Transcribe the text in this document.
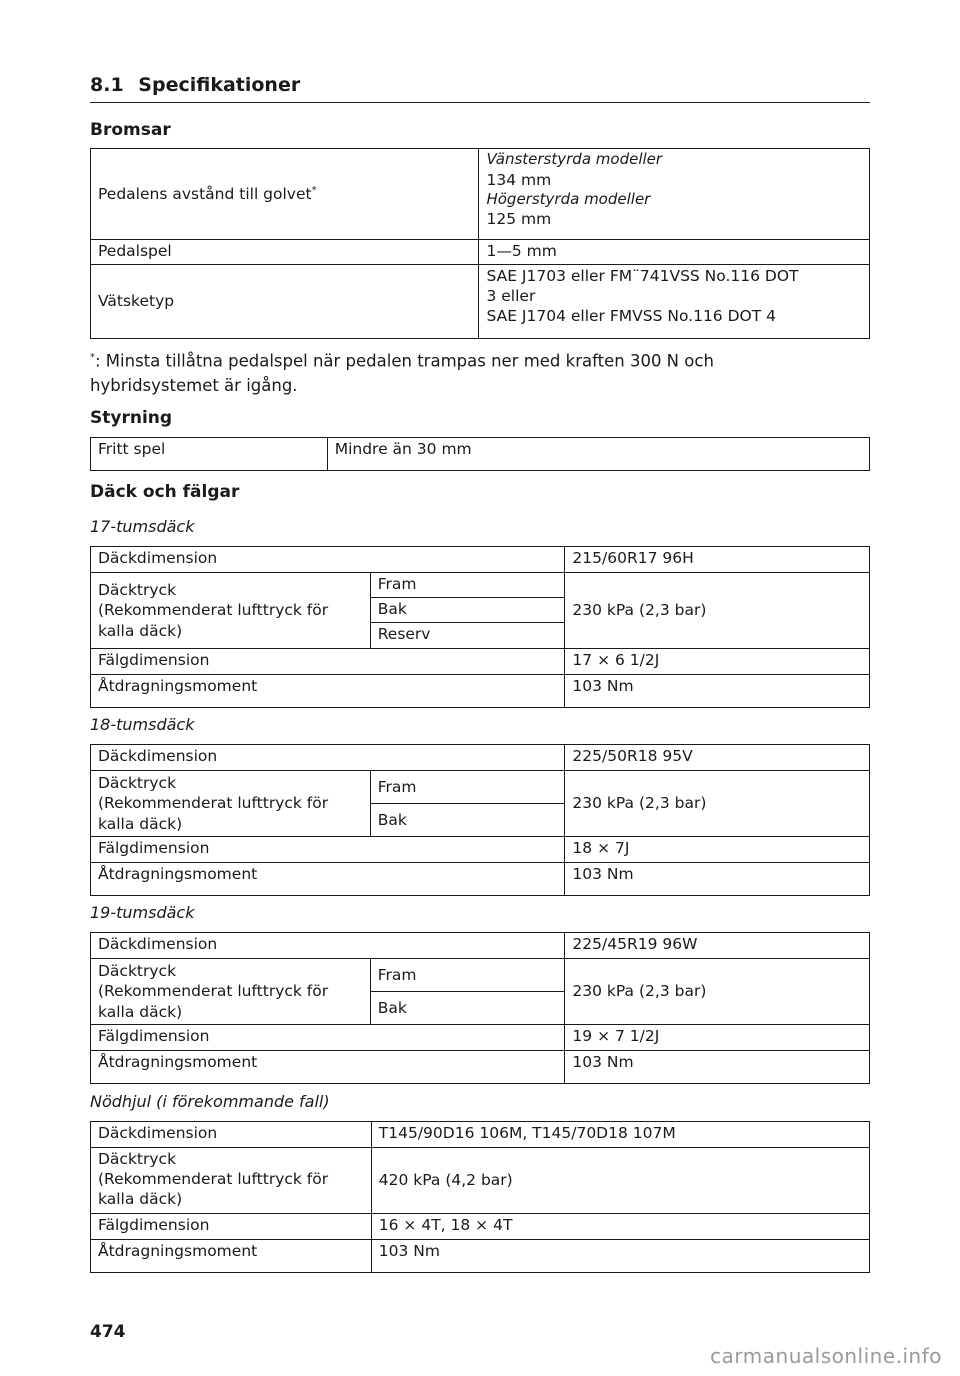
8.1 Specifikationer
Bromsar
Pedalens avstånd till golvet*	Vänsterstyrda modeller
134 mm
Högerstyrda modeller
125 mm

Pedalspel	1—5 mm
Vätsketyp	SAE J1703 eller FM¨741VSS No.116 DOT
3 eller
SAE J1704 eller FMVSS No.116 DOT 4
*: Minsta tillåtna pedalspel när pedalen trampas ner med kraften 300 N och
hybridsystemet är igång.
Styrning
Fritt spel	Mindre än 30 mm
Däck och fälgar
17-tumsdäck
Däckdimension		215/60R17 96H

Däcktryck
(Rekommenderat lufttryck för
kalla däck)	Fram	230 kPa (2,3 bar)
	Bak	
	Reserv	
Fälgdimension		17 × 6 1/2J
Åtdragningsmoment		103 Nm
18-tumsdäck
Däckdimension		225/50R18 95V

Däcktryck
(Rekommenderat lufttryck för
kalla däck)	Fram	230 kPa (2,3 bar)
	Bak	
Fälgdimension		18 × 7J
Åtdragningsmoment		103 Nm
19-tumsdäck
Däckdimension		225/45R19 96W

Däcktryck
(Rekommenderat lufttryck för
kalla däck)	Fram	230 kPa (2,3 bar)
	Bak	
Fälgdimension		19 × 7 1/2J
Åtdragningsmoment		103 Nm
Nödhjul (i förekommande fall)
Däckdimension	T145/90D16 106M, T145/70D18 107M

Däcktryck
(Rekommenderat lufttryck för
kalla däck)	420 kPa (4,2 bar)
Fälgdimension	16 × 4T, 18 × 4T
Åtdragningsmoment	103 Nm
474
carmanualsonline.info
